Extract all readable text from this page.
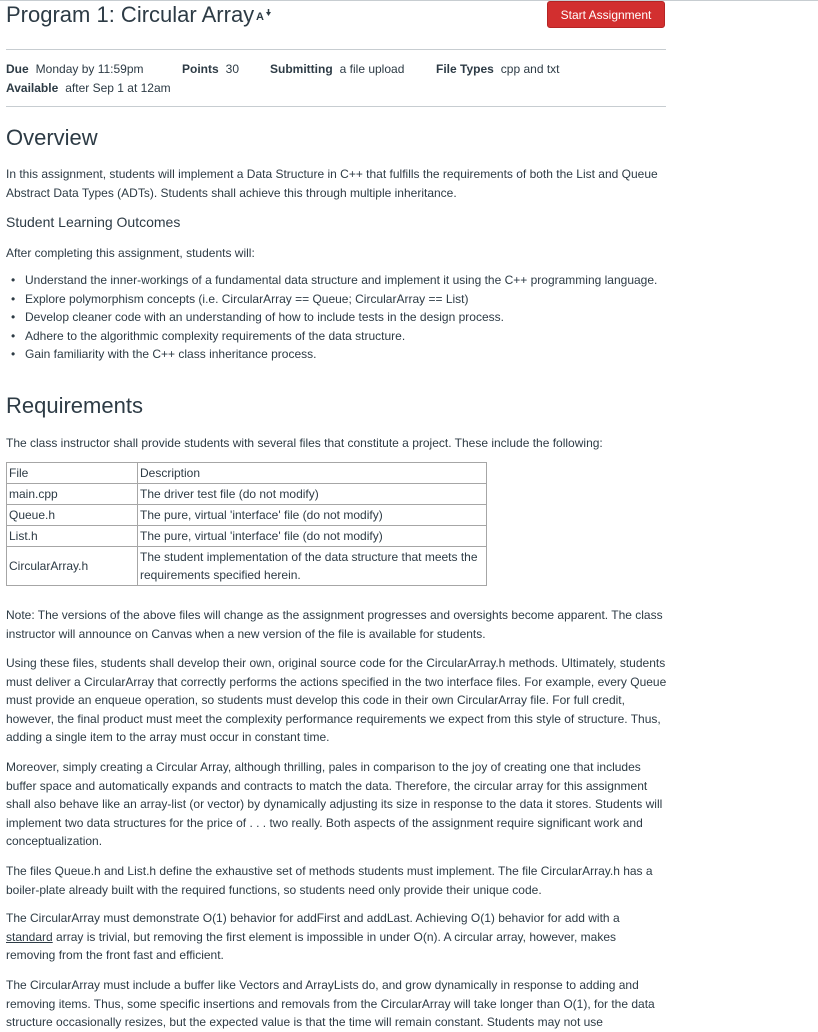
Program 1: Circular Array A	Start Assignment
Due Monday by 11:59pm	Points 30	Submitting a file upload	File Types cpp and txt
Available after Sep 1 at 12am
Overview

In this assignment, students will implement a Data Structure in C++ that fulfills the requirements of both the List and Queue Abstract Data Types (ADTs). Students shall achieve this through multiple inheritance.

Student Learning Outcomes

After completing this assignment, students will:

• Understand the inner-workings of a fundamental data structure and implement it using the C++ programming language.
• Explore polymorphism concepts (i.e. CircularArray == Queue; CircularArray == List)
• Develop cleaner code with an understanding of how to include tests in the design process.
• Adhere to the algorithmic complexity requirements of the data structure.
• Gain familiarity with the C++ class inheritance process.
Requirements

The class instructor shall provide students with several files that constitute a project. These include the following:

File	Description
main.cpp	The driver test file (do not modify)
Queue.h	The pure, virtual 'interface' file (do not modify)
List.h	The pure, virtual 'interface' file (do not modify)
CircularArray.h	The student implementation of the data structure that meets the requirements specified herein.

Note: The versions of the above files will change as the assignment progresses and oversights become apparent. The class instructor will announce on Canvas when a new version of the file is available for students.

Using these files, students shall develop their own, original source code for the CircularArray.h methods. Ultimately, students must deliver a CircularArray that correctly performs the actions specified in the two interface files. For example, every Queue must provide an enqueue operation, so students must develop this code in their own CircularArray file. For full credit, however, the final product must meet the complexity performance requirements we expect from this style of structure. Thus, adding a single item to the array must occur in constant time.

Moreover, simply creating a Circular Array, although thrilling, pales in comparison to the joy of creating one that includes buffer space and automatically expands and contracts to match the data. Therefore, the circular array for this assignment shall also behave like an array-list (or vector) by dynamically adjusting its size in response to the data it stores. Students will implement two data structures for the price of . . . two really. Both aspects of the assignment require significant work and conceptualization.

The files Queue.h and List.h define the exhaustive set of methods students must implement. The file CircularArray.h has a boiler-plate already built with the required functions, so students need only provide their unique code.

The CircularArray must demonstrate O(1) behavior for addFirst and addLast. Achieving O(1) behavior for add with a standard array is trivial, but removing the first element is impossible in under O(n). A circular array, however, makes removing from the front fast and efficient.

The CircularArray must include a buffer like Vectors and ArrayLists do, and grow dynamically in response to adding and removing items. Thus, some specific insertions and removals from the CircularArray will take longer than O(1), for the data structure occasionally resizes, but the expected value is that the time will remain constant. Students may not use
